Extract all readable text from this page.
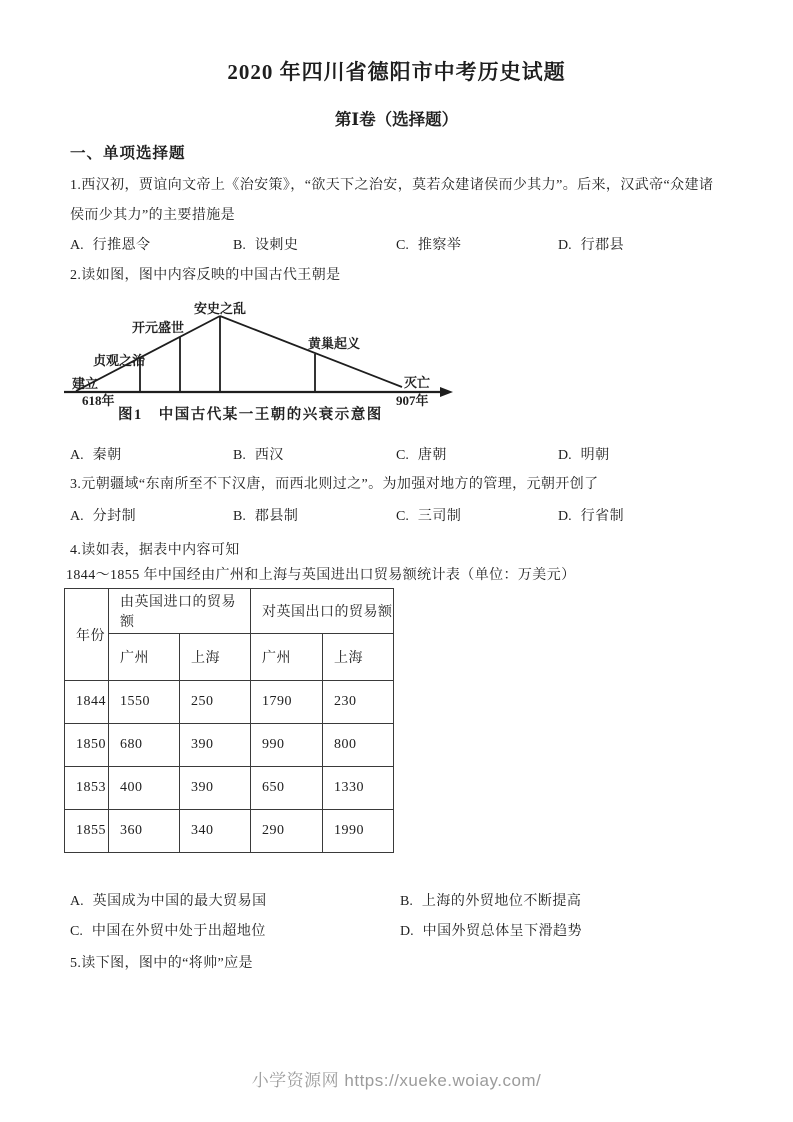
2020 年四川省德阳市中考历史试题
第Ⅰ卷（选择题）
一、单项选择题
1.西汉初，贾谊向文帝上《治安策》，“欲天下之治安，莫若众建诸侯而少其力”。后来，汉武帝“众建诸
侯而少其力”的主要措施是
A. 行推恩令	B. 设刺史	C. 推察举	D. 行郡县
2.读如图，图中内容反映的中国古代王朝是
贞观之治
开元盛世
安史之乱
黄巢起义
建立
618年
灭亡
907年
图1　中国古代某一王朝的兴衰示意图
A. 秦朝	B. 西汉	C. 唐朝	D. 明朝
3.元朝疆域“东南所至不下汉唐，而西北则过之”。为加强对地方的管理，元朝开创了
A. 分封制	B. 郡县制	C. 三司制	D. 行省制
4.读如表，据表中内容可知
1844～1855 年中国经由广州和上海与英国进出口贸易额统计表（单位：万美元）
年份	由英国进口的贸易额		对英国出口的贸易额	
	广州	上海	广州	上海
1844	1550	250	1790	230
1850	680	390	990	800
1853	400	390	650	1330
1855	360	340	290	1990
A. 英国成为中国的最大贸易国	B. 上海的外贸地位不断提高
C. 中国在外贸中处于出超地位	D. 中国外贸总体呈下滑趋势
5.读下图，图中的“将帅”应是
小学资源网 https://xueke.woiay.com/
